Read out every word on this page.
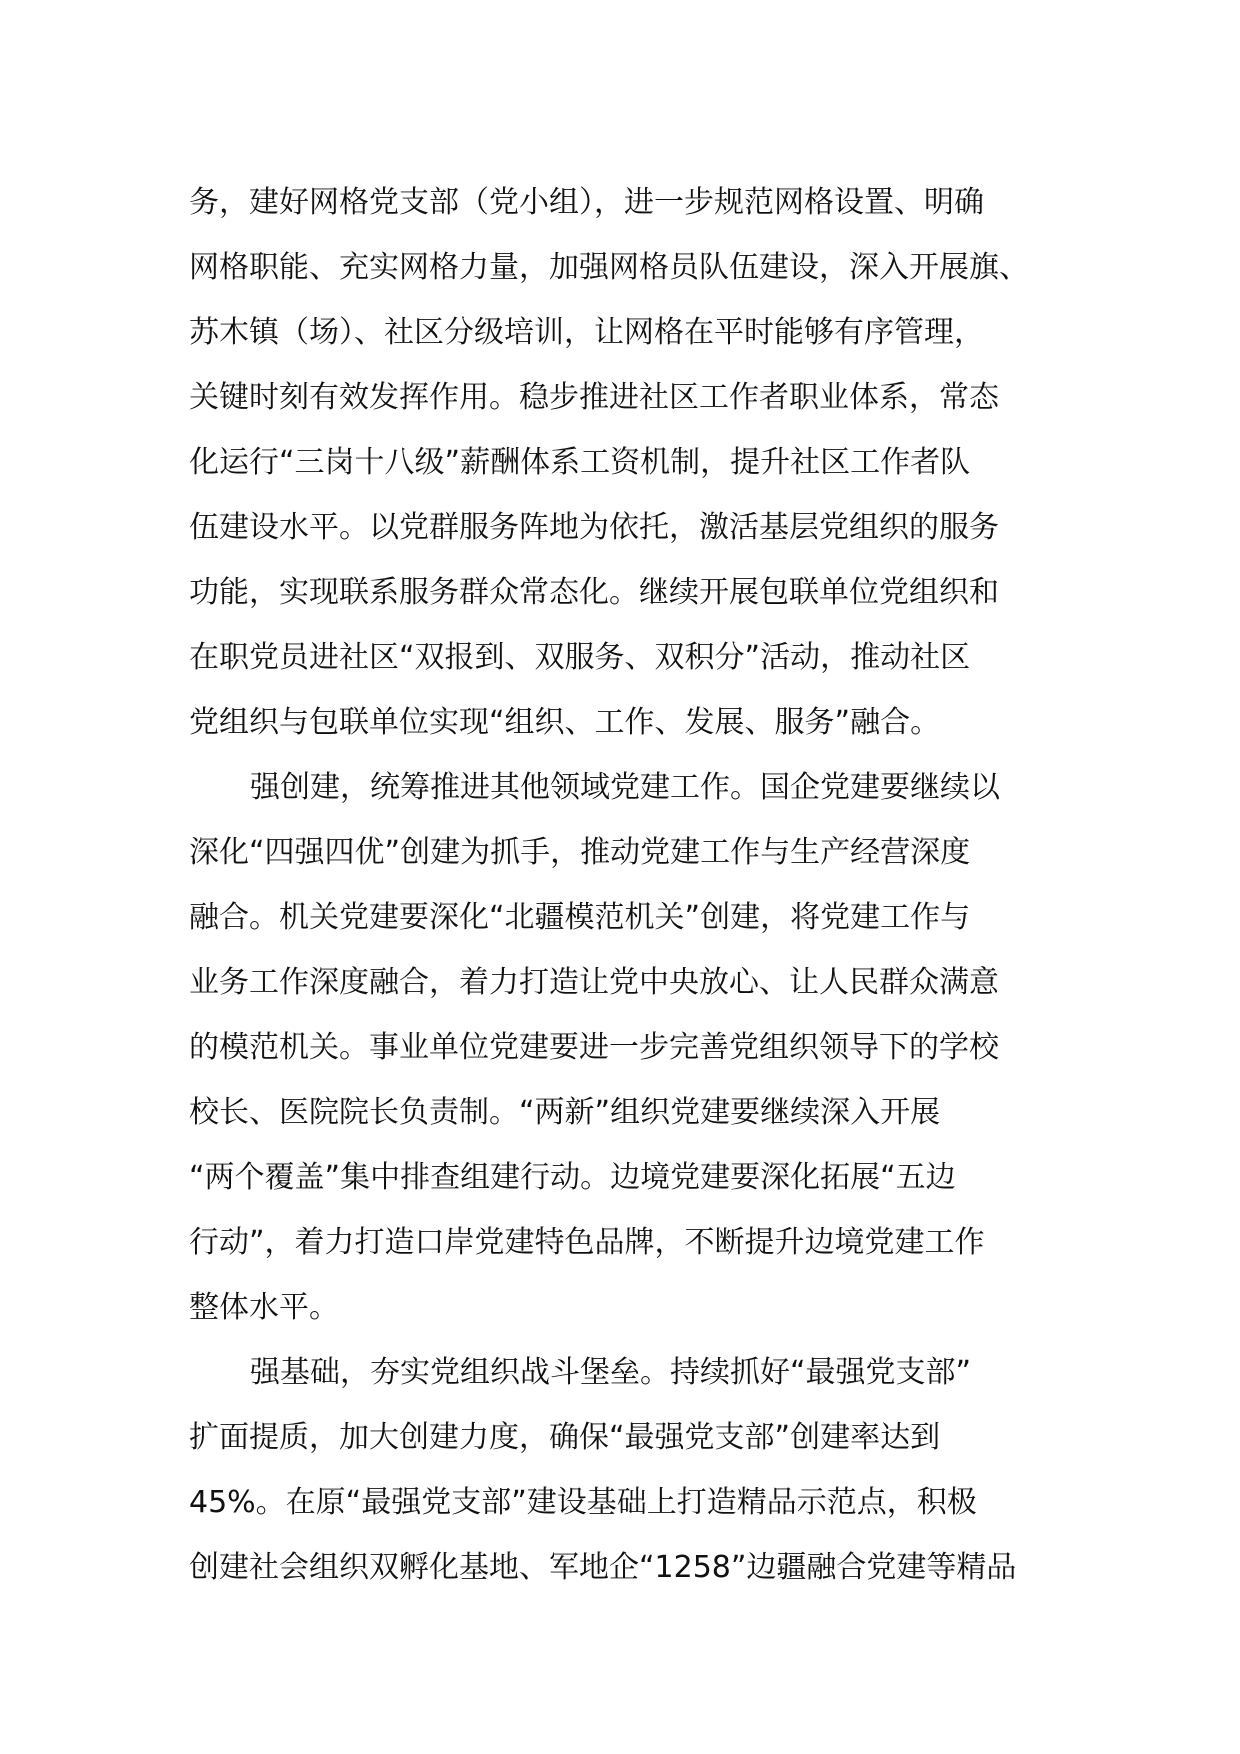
务，建好网格党支部（党小组），进一步规范网格设置、明确
网格职能、充实网格力量，加强网格员队伍建设，深入开展旗、
苏木镇（场）、社区分级培训，让网格在平时能够有序管理，
关键时刻有效发挥作用。稳步推进社区工作者职业体系，常态
化运行“三岗十八级”薪酬体系工资机制，提升社区工作者队
伍建设水平。以党群服务阵地为依托，激活基层党组织的服务
功能，实现联系服务群众常态化。继续开展包联单位党组织和
在职党员进社区“双报到、双服务、双积分”活动，推动社区
党组织与包联单位实现“组织、工作、发展、服务”融合。
强创建，统筹推进其他领域党建工作。国企党建要继续以
深化“四强四优”创建为抓手，推动党建工作与生产经营深度
融合。机关党建要深化“北疆模范机关”创建，将党建工作与
业务工作深度融合，着力打造让党中央放心、让人民群众满意
的模范机关。事业单位党建要进一步完善党组织领导下的学校
校长、医院院长负责制。“两新”组织党建要继续深入开展
“两个覆盖”集中排查组建行动。边境党建要深化拓展“五边
行动”，着力打造口岸党建特色品牌，不断提升边境党建工作
整体水平。
强基础，夯实党组织战斗堡垒。持续抓好“最强党支部”
扩面提质，加大创建力度，确保“最强党支部”创建率达到
45%。在原“最强党支部”建设基础上打造精品示范点，积极
创建社会组织双孵化基地、军地企“1258”边疆融合党建等精品
